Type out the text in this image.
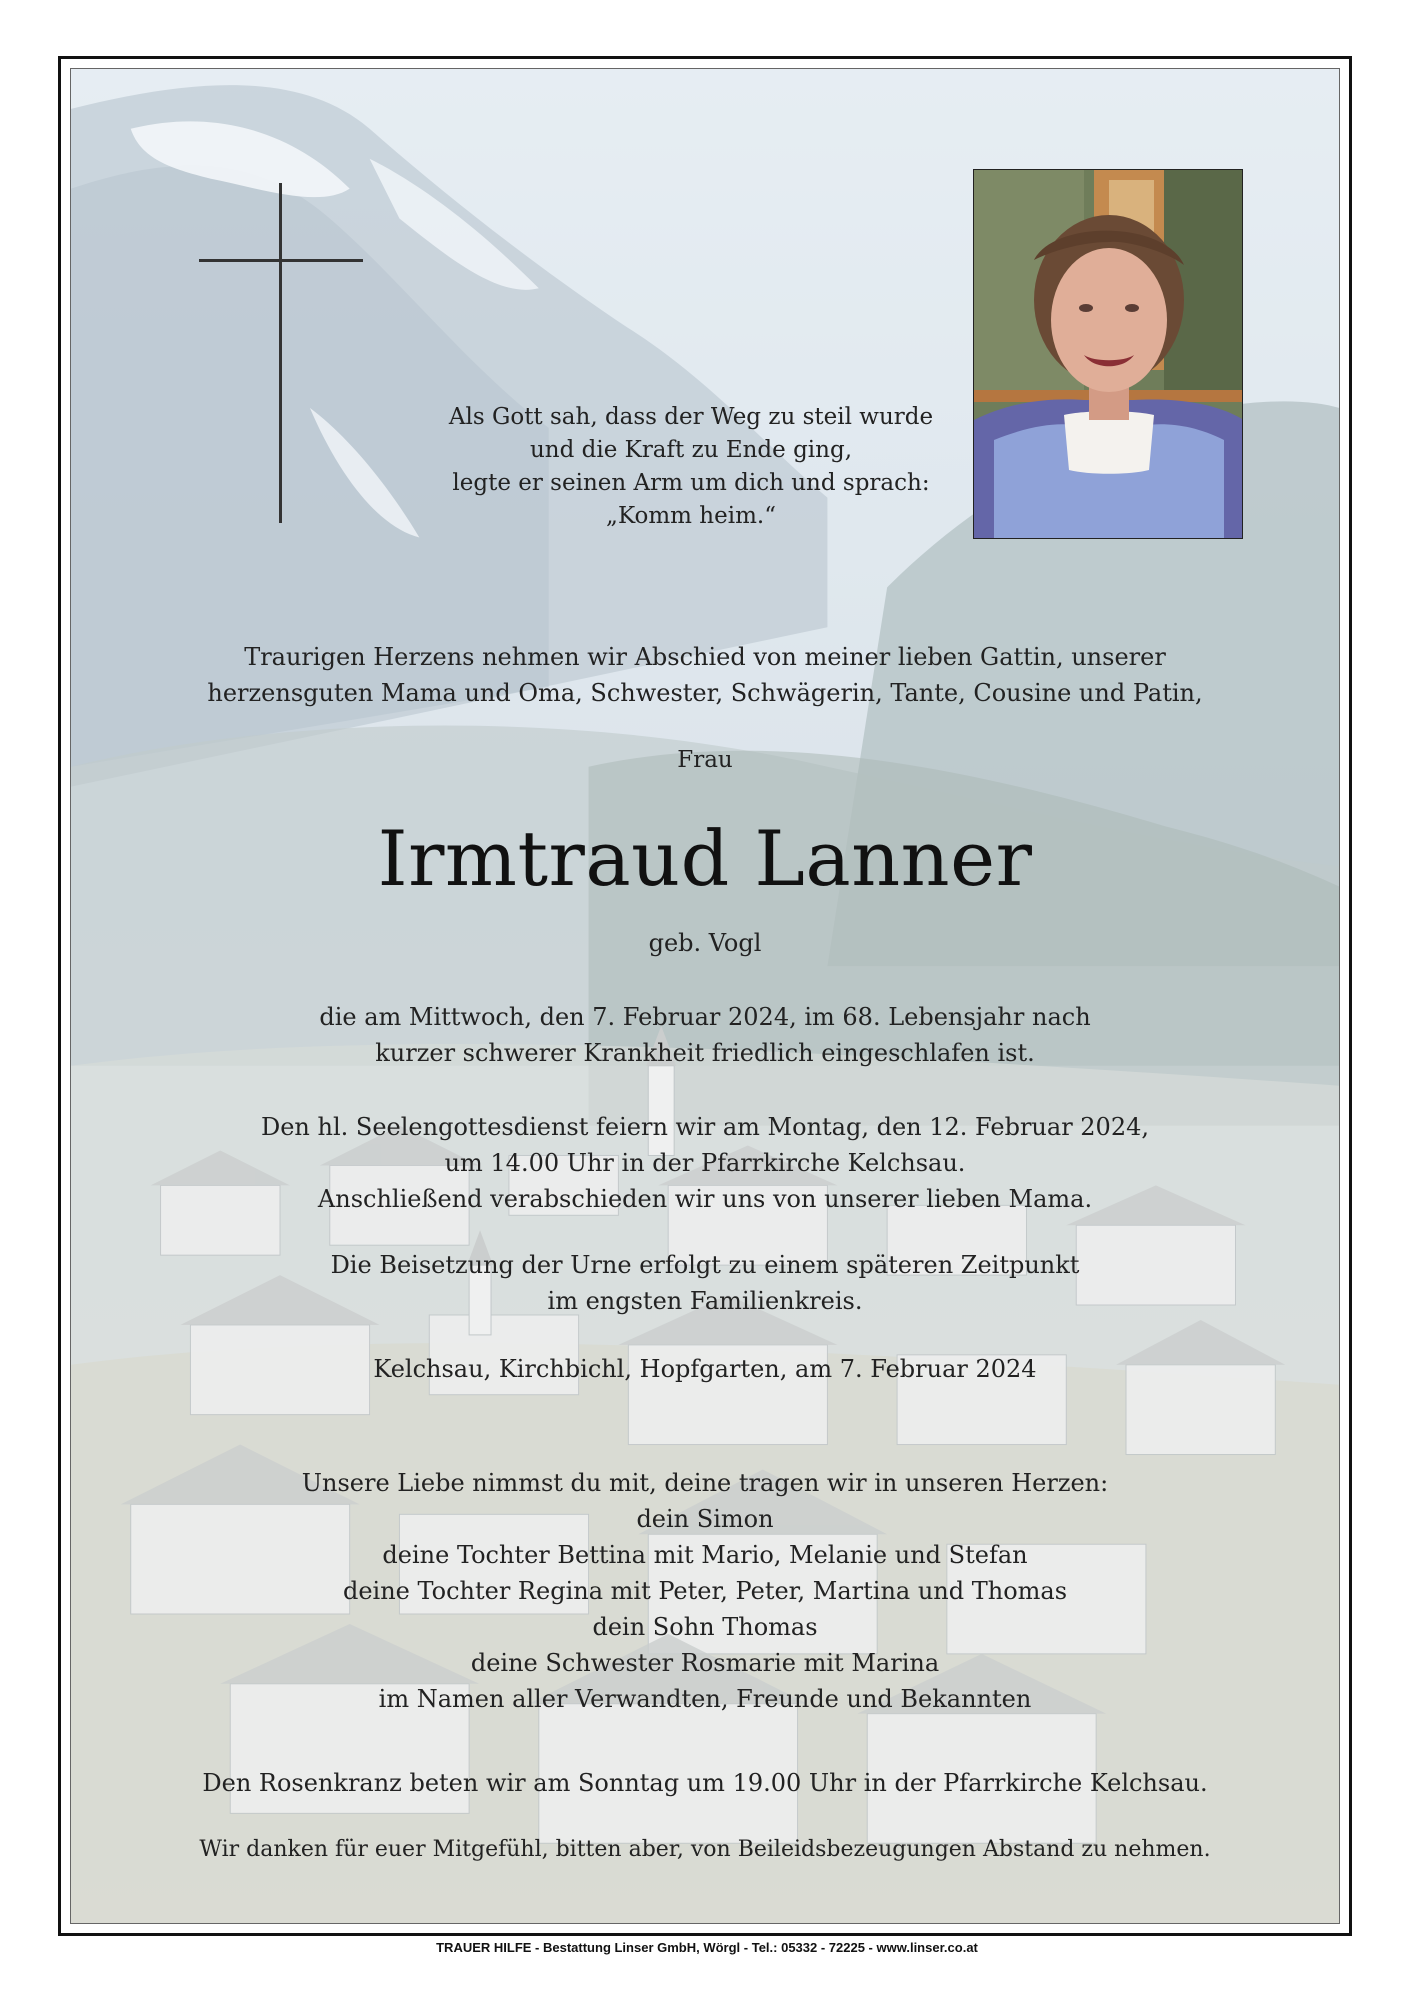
Als Gott sah, dass der Weg zu steil wurde
und die Kraft zu Ende ging,
legte er seinen Arm um dich und sprach:
„Komm heim.“
Traurigen Herzens nehmen wir Abschied von meiner lieben Gattin, unserer
herzensguten Mama und Oma, Schwester, Schwägerin, Tante, Cousine und Patin,
Frau
Irmtraud Lanner
geb. Vogl
die am Mittwoch, den 7. Februar 2024, im 68. Lebensjahr nach
kurzer schwerer Krankheit friedlich eingeschlafen ist.
Den hl. Seelengottesdienst feiern wir am Montag, den 12. Februar 2024,
um 14.00 Uhr in der Pfarrkirche Kelchsau.
Anschließend verabschieden wir uns von unserer lieben Mama.
Die Beisetzung der Urne erfolgt zu einem späteren Zeitpunkt
im engsten Familienkreis.
Kelchsau, Kirchbichl, Hopfgarten, am 7. Februar 2024
Unsere Liebe nimmst du mit, deine tragen wir in unseren Herzen:
dein Simon
deine Tochter Bettina mit Mario, Melanie und Stefan
deine Tochter Regina mit Peter, Peter, Martina und Thomas
dein Sohn Thomas
deine Schwester Rosmarie mit Marina
im Namen aller Verwandten, Freunde und Bekannten
Den Rosenkranz beten wir am Sonntag um 19.00 Uhr in der Pfarrkirche Kelchsau.
Wir danken für euer Mitgefühl, bitten aber, von Beileidsbezeugungen Abstand zu nehmen.
TRAUER HILFE - Bestattung Linser GmbH, Wörgl - Tel.: 05332 - 72225 - www.linser.co.at
